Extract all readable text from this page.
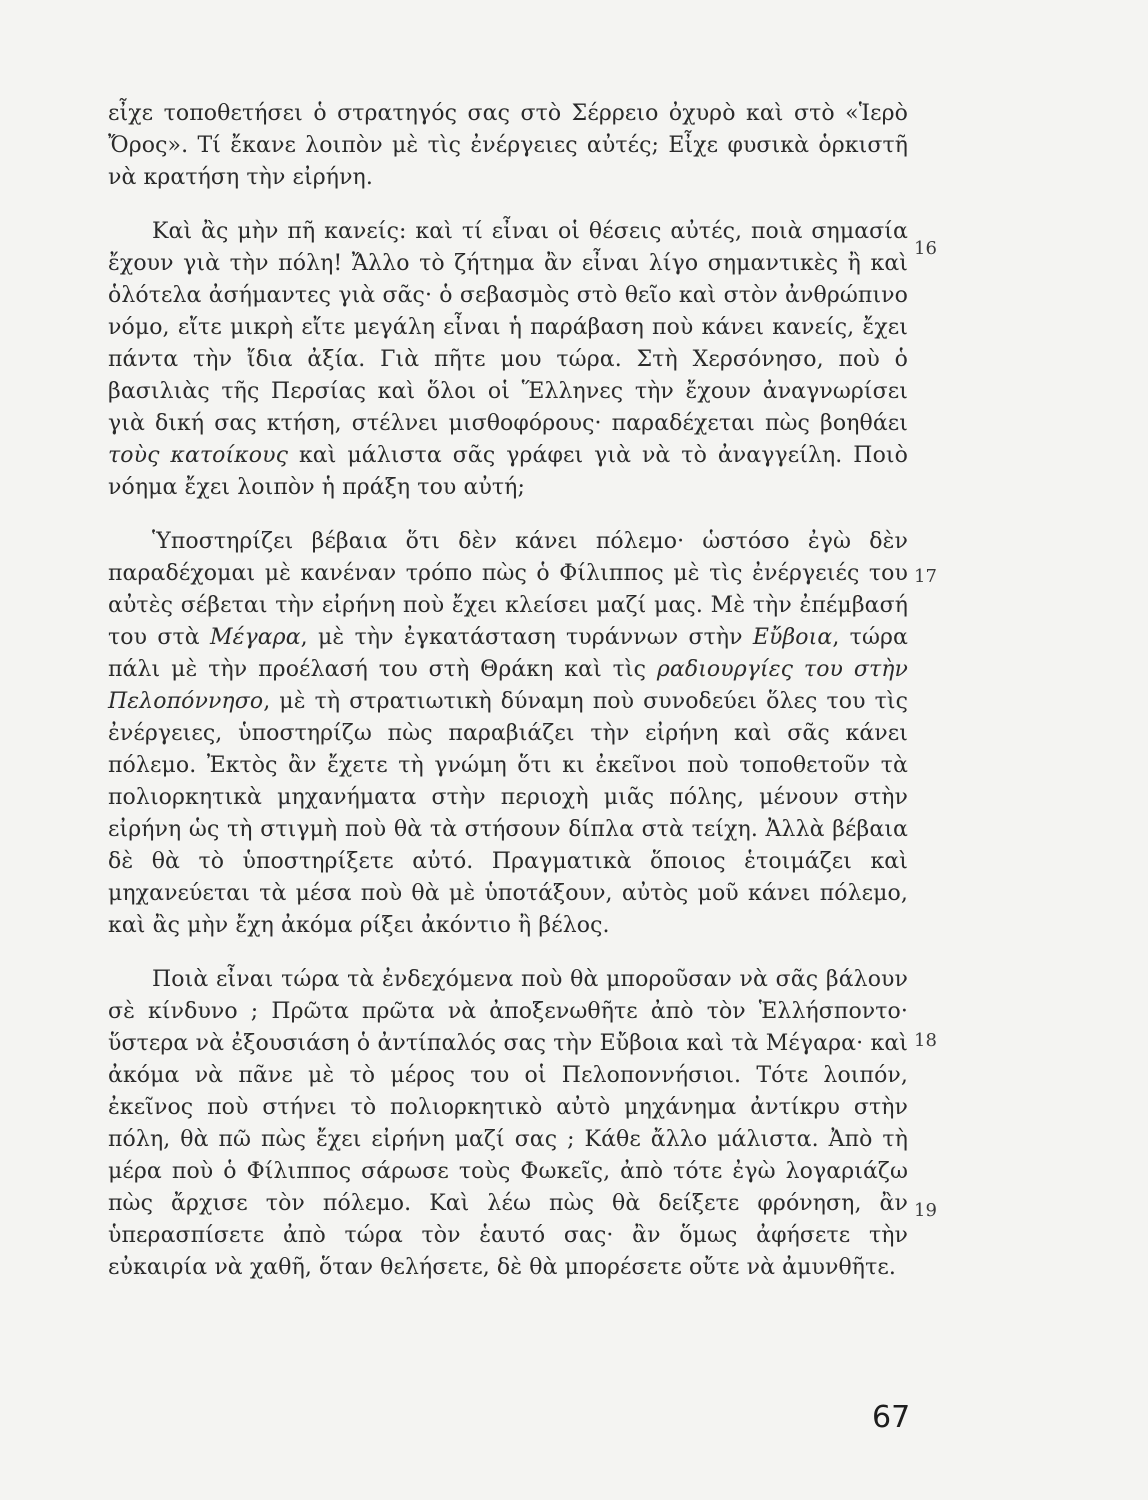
εἶχε τοποθετήσει ὁ στρατηγός σας στὸ Σέρρειο ὀχυρὸ καὶ στὸ «Ἱερὸ Ὄρος». Τί ἔκανε λοιπὸν μὲ τὶς ἐνέργειες αὐτές; Εἶχε φυσικὰ ὁρκιστῆ νὰ κρατήση τὴν εἰρήνη.

Καὶ ἂς μὴν πῆ κανείς: καὶ τί εἶναι οἱ θέσεις αὐτές, ποιὰ σημασία ἔχουν γιὰ τὴν πόλη! Ἄλλο τὸ ζήτημα ἂν εἶναι λίγο σημαντικὲς ἢ καὶ ὁλότελα ἀσήμαντες γιὰ σᾶς· ὁ σεβασμὸς στὸ θεῖο καὶ στὸν ἀνθρώπινο νόμο, εἴτε μικρὴ εἴτε μεγάλη εἶναι ἡ παράβαση ποὺ κάνει κανείς, ἔχει πάντα τὴν ἴδια ἀξία. Γιὰ πῆτε μου τώρα. Στὴ Χερσόνησο, ποὺ ὁ βασιλιὰς τῆς Περσίας καὶ ὅλοι οἱ Ἕλληνες τὴν ἔχουν ἀναγνωρίσει γιὰ δική σας κτήση, στέλνει μισθοφόρους· παραδέχεται πὼς βοηθάει τοὺς κατοίκους καὶ μάλιστα σᾶς γράφει γιὰ νὰ τὸ ἀναγγείλη. Ποιὸ νόημα ἔχει λοιπὸν ἡ πράξη του αὐτή;

Ὑποστηρίζει βέβαια ὅτι δὲν κάνει πόλεμο· ὡστόσο ἐγὼ δὲν παραδέχομαι μὲ κανέναν τρόπο πὼς ὁ Φίλιππος μὲ τὶς ἐνέργειές του αὐτὲς σέβεται τὴν εἰρήνη ποὺ ἔχει κλείσει μαζί μας. Μὲ τὴν ἐπέμβασή του στὰ Μέγαρα, μὲ τὴν ἐγκατάσταση τυράννων στὴν Εὔβοια, τώρα πάλι μὲ τὴν προέλασή του στὴ Θράκη καὶ τὶς ραδιουργίες του στὴν Πελοπόννησο, μὲ τὴ στρατιωτικὴ δύναμη ποὺ συνοδεύει ὅλες του τὶς ἐνέργειες, ὑποστηρίζω πὼς παραβιάζει τὴν εἰρήνη καὶ σᾶς κάνει πόλεμο. Ἐκτὸς ἂν ἔχετε τὴ γνώμη ὅτι κι ἐκεῖνοι ποὺ τοποθετοῦν τὰ πολιορκητικὰ μηχανήματα στὴν περιοχὴ μιᾶς πόλης, μένουν στὴν εἰρήνη ὡς τὴ στιγμὴ ποὺ θὰ τὰ στήσουν δίπλα στὰ τείχη. Ἀλλὰ βέβαια δὲ θὰ τὸ ὑποστηρίξετε αὐτό. Πραγματικὰ ὅποιος ἑτοιμάζει καὶ μηχανεύεται τὰ μέσα ποὺ θὰ μὲ ὑποτάξουν, αὐτὸς μοῦ κάνει πόλεμο, καὶ ἂς μὴν ἔχη ἀκόμα ρίξει ἀκόντιο ἢ βέλος.

Ποιὰ εἶναι τώρα τὰ ἐνδεχόμενα ποὺ θὰ μποροῦσαν νὰ σᾶς βάλουν σὲ κίνδυνο ; Πρῶτα πρῶτα νὰ ἀποξενωθῆτε ἀπὸ τὸν Ἑλλήσποντο· ὕστερα νὰ ἐξουσιάση ὁ ἀντίπαλός σας τὴν Εὔβοια καὶ τὰ Μέγαρα· καὶ ἀκόμα νὰ πᾶνε μὲ τὸ μέρος του οἱ Πελοποννήσιοι. Τότε λοιπόν, ἐκεῖνος ποὺ στήνει τὸ πολιορκητικὸ αὐτὸ μηχάνημα ἀντίκρυ στὴν πόλη, θὰ πῶ πὼς ἔχει εἰρήνη μαζί σας ; Κάθε ἄλλο μάλιστα. Ἀπὸ τὴ μέρα ποὺ ὁ Φίλιππος σάρωσε τοὺς Φωκεῖς, ἀπὸ τότε ἐγὼ λογαριάζω πὼς ἄρχισε τὸν πόλεμο. Καὶ λέω πὼς θὰ δείξετε φρόνηση, ἂν ὑπερασπίσετε ἀπὸ τώρα τὸν ἑαυτό σας· ἂν ὅμως ἀφήσετε τὴν εὐκαιρία νὰ χαθῆ, ὅταν θελήσετε, δὲ θὰ μπορέσετε οὔτε νὰ ἀμυνθῆτε.

16
17
18
19
67
